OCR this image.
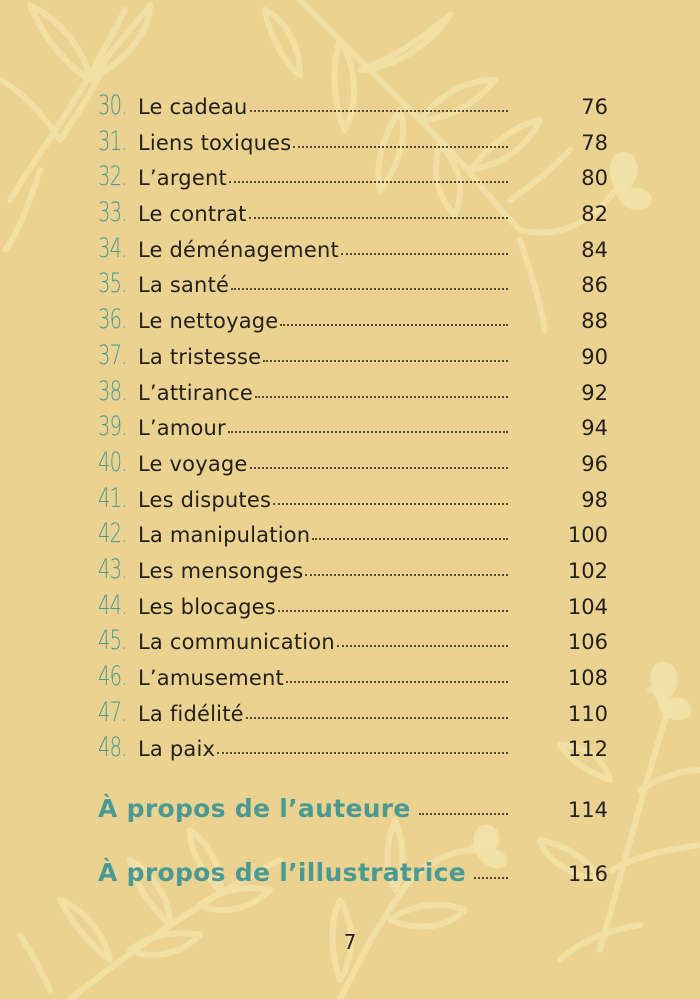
30. Le cadeau	76
31. Liens toxiques	78
32. L’argent	80
33. Le contrat	82
34. Le déménagement	84
35. La santé	86
36. Le nettoyage	88
37. La tristesse	90
38. L’attirance	92
39. L’amour	94
40. Le voyage	96
41. Les disputes	98
42. La manipulation	100
43. Les mensonges	102
44. Les blocages	104
45. La communication	106
46. L’amusement	108
47. La fidélité	110
48. La paix	112
À propos de l’auteure	114
À propos de l’illustratrice	116
7
